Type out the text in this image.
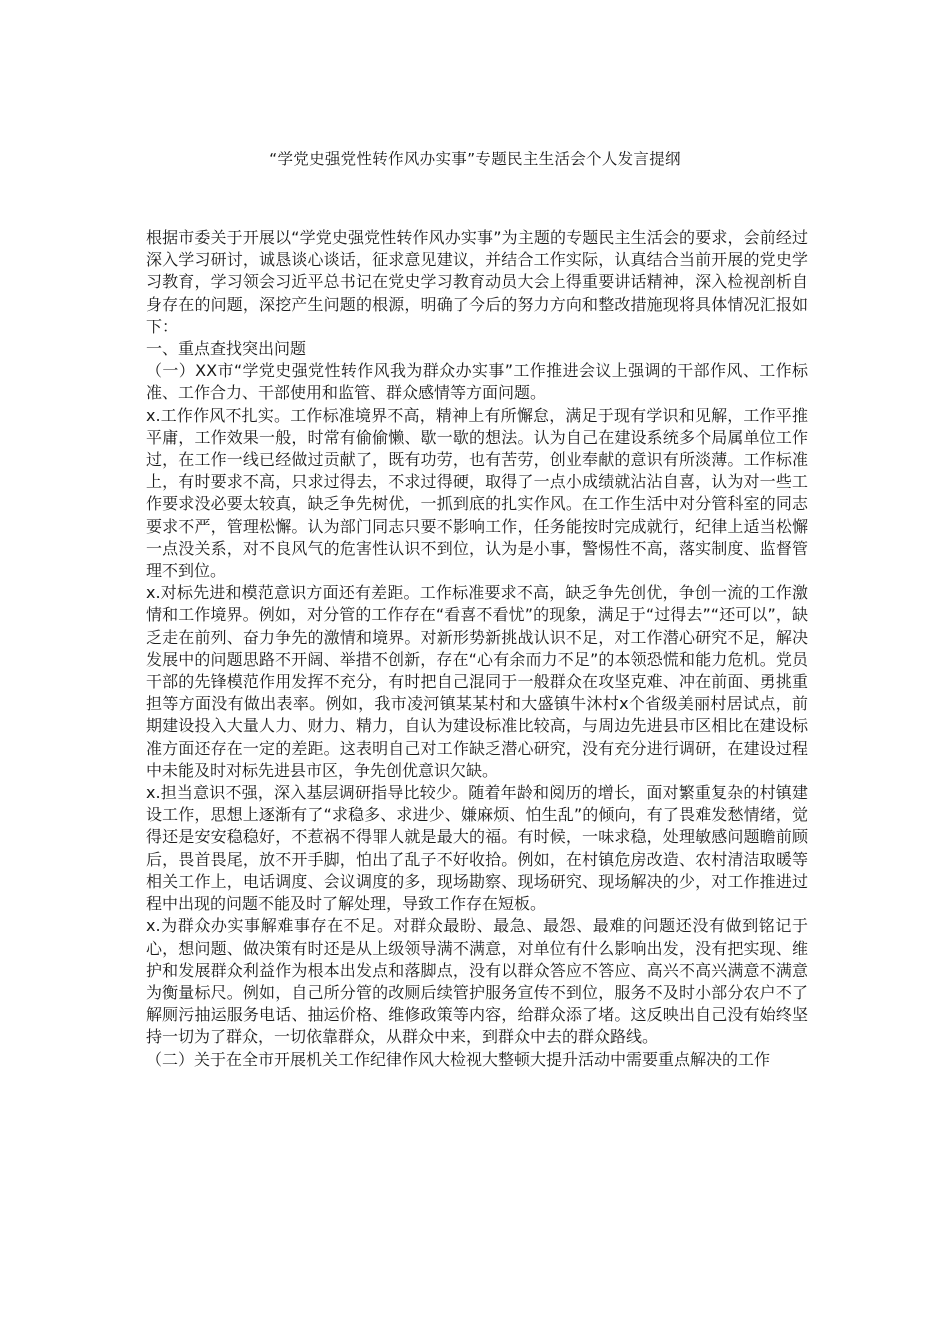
“学党史强党性转作风办实事”专题民主生活会个人发言提纲

根据市委关于开展以“学党史强党性转作风办实事”为主题的专题民主生活会的要求，会前经过深入学习研讨，诚恳谈心谈话，征求意见建议，并结合工作实际，认真结合当前开展的党史学习教育，学习领会习近平总书记在党史学习教育动员大会上得重要讲话精神，深入检视剖析自身存在的问题，深挖产生问题的根源，明确了今后的努力方向和整改措施现将具体情况汇报如下：

一、重点查找突出问题

（一）XX市“学党史强党性转作风我为群众办实事”工作推进会议上强调的干部作风、工作标准、工作合力、干部使用和监管、群众感情等方面问题。

x.工作作风不扎实。工作标准境界不高，精神上有所懈怠，满足于现有学识和见解，工作平推平庸，工作效果一般，时常有偷偷懒、歇一歇的想法。认为自己在建设系统多个局属单位工作过，在工作一线已经做过贡献了，既有功劳，也有苦劳，创业奉献的意识有所淡薄。工作标准上，有时要求不高，只求过得去，不求过得硬，取得了一点小成绩就沾沾自喜，认为对一些工作要求没必要太较真，缺乏争先树优，一抓到底的扎实作风。在工作生活中对分管科室的同志要求不严，管理松懈。认为部门同志只要不影响工作，任务能按时完成就行，纪律上适当松懈一点没关系，对不良风气的危害性认识不到位，认为是小事，警惕性不高，落实制度、监督管理不到位。

x.对标先进和模范意识方面还有差距。工作标准要求不高，缺乏争先创优，争创一流的工作激情和工作境界。例如，对分管的工作存在“看喜不看忧”的现象，满足于“过得去”“还可以”，缺乏走在前列、奋力争先的激情和境界。对新形势新挑战认识不足，对工作潜心研究不足，解决发展中的问题思路不开阔、举措不创新，存在“心有余而力不足”的本领恐慌和能力危机。党员干部的先锋模范作用发挥不充分，有时把自己混同于一般群众在攻坚克难、冲在前面、勇挑重担等方面没有做出表率。例如，我市凌河镇某某村和大盛镇牛沐村x个省级美丽村居试点，前期建设投入大量人力、财力、精力，自认为建设标准比较高，与周边先进县市区相比在建设标准方面还存在一定的差距。这表明自己对工作缺乏潜心研究，没有充分进行调研，在建设过程中未能及时对标先进县市区，争先创优意识欠缺。

x.担当意识不强，深入基层调研指导比较少。随着年龄和阅历的增长，面对繁重复杂的村镇建设工作，思想上逐渐有了“求稳多、求进少、嫌麻烦、怕生乱”的倾向，有了畏难发愁情绪，觉得还是安安稳稳好，不惹祸不得罪人就是最大的福。有时候，一味求稳，处理敏感问题瞻前顾后，畏首畏尾，放不开手脚，怕出了乱子不好收拾。例如，在村镇危房改造、农村清洁取暖等相关工作上，电话调度、会议调度的多，现场勘察、现场研究、现场解决的少，对工作推进过程中出现的问题不能及时了解处理，导致工作存在短板。

x.为群众办实事解难事存在不足。对群众最盼、最急、最怨、最难的问题还没有做到铭记于心，想问题、做决策有时还是从上级领导满不满意，对单位有什么影响出发，没有把实现、维护和发展群众利益作为根本出发点和落脚点，没有以群众答应不答应、高兴不高兴满意不满意为衡量标尺。例如，自己所分管的改厕后续管护服务宣传不到位，服务不及时小部分农户不了解厕污抽运服务电话、抽运价格、维修政策等内容，给群众添了堵。这反映出自己没有始终坚持一切为了群众，一切依靠群众，从群众中来，到群众中去的群众路线。

（二）关于在全市开展机关工作纪律作风大检视大整顿大提升活动中需要重点解决的工作
